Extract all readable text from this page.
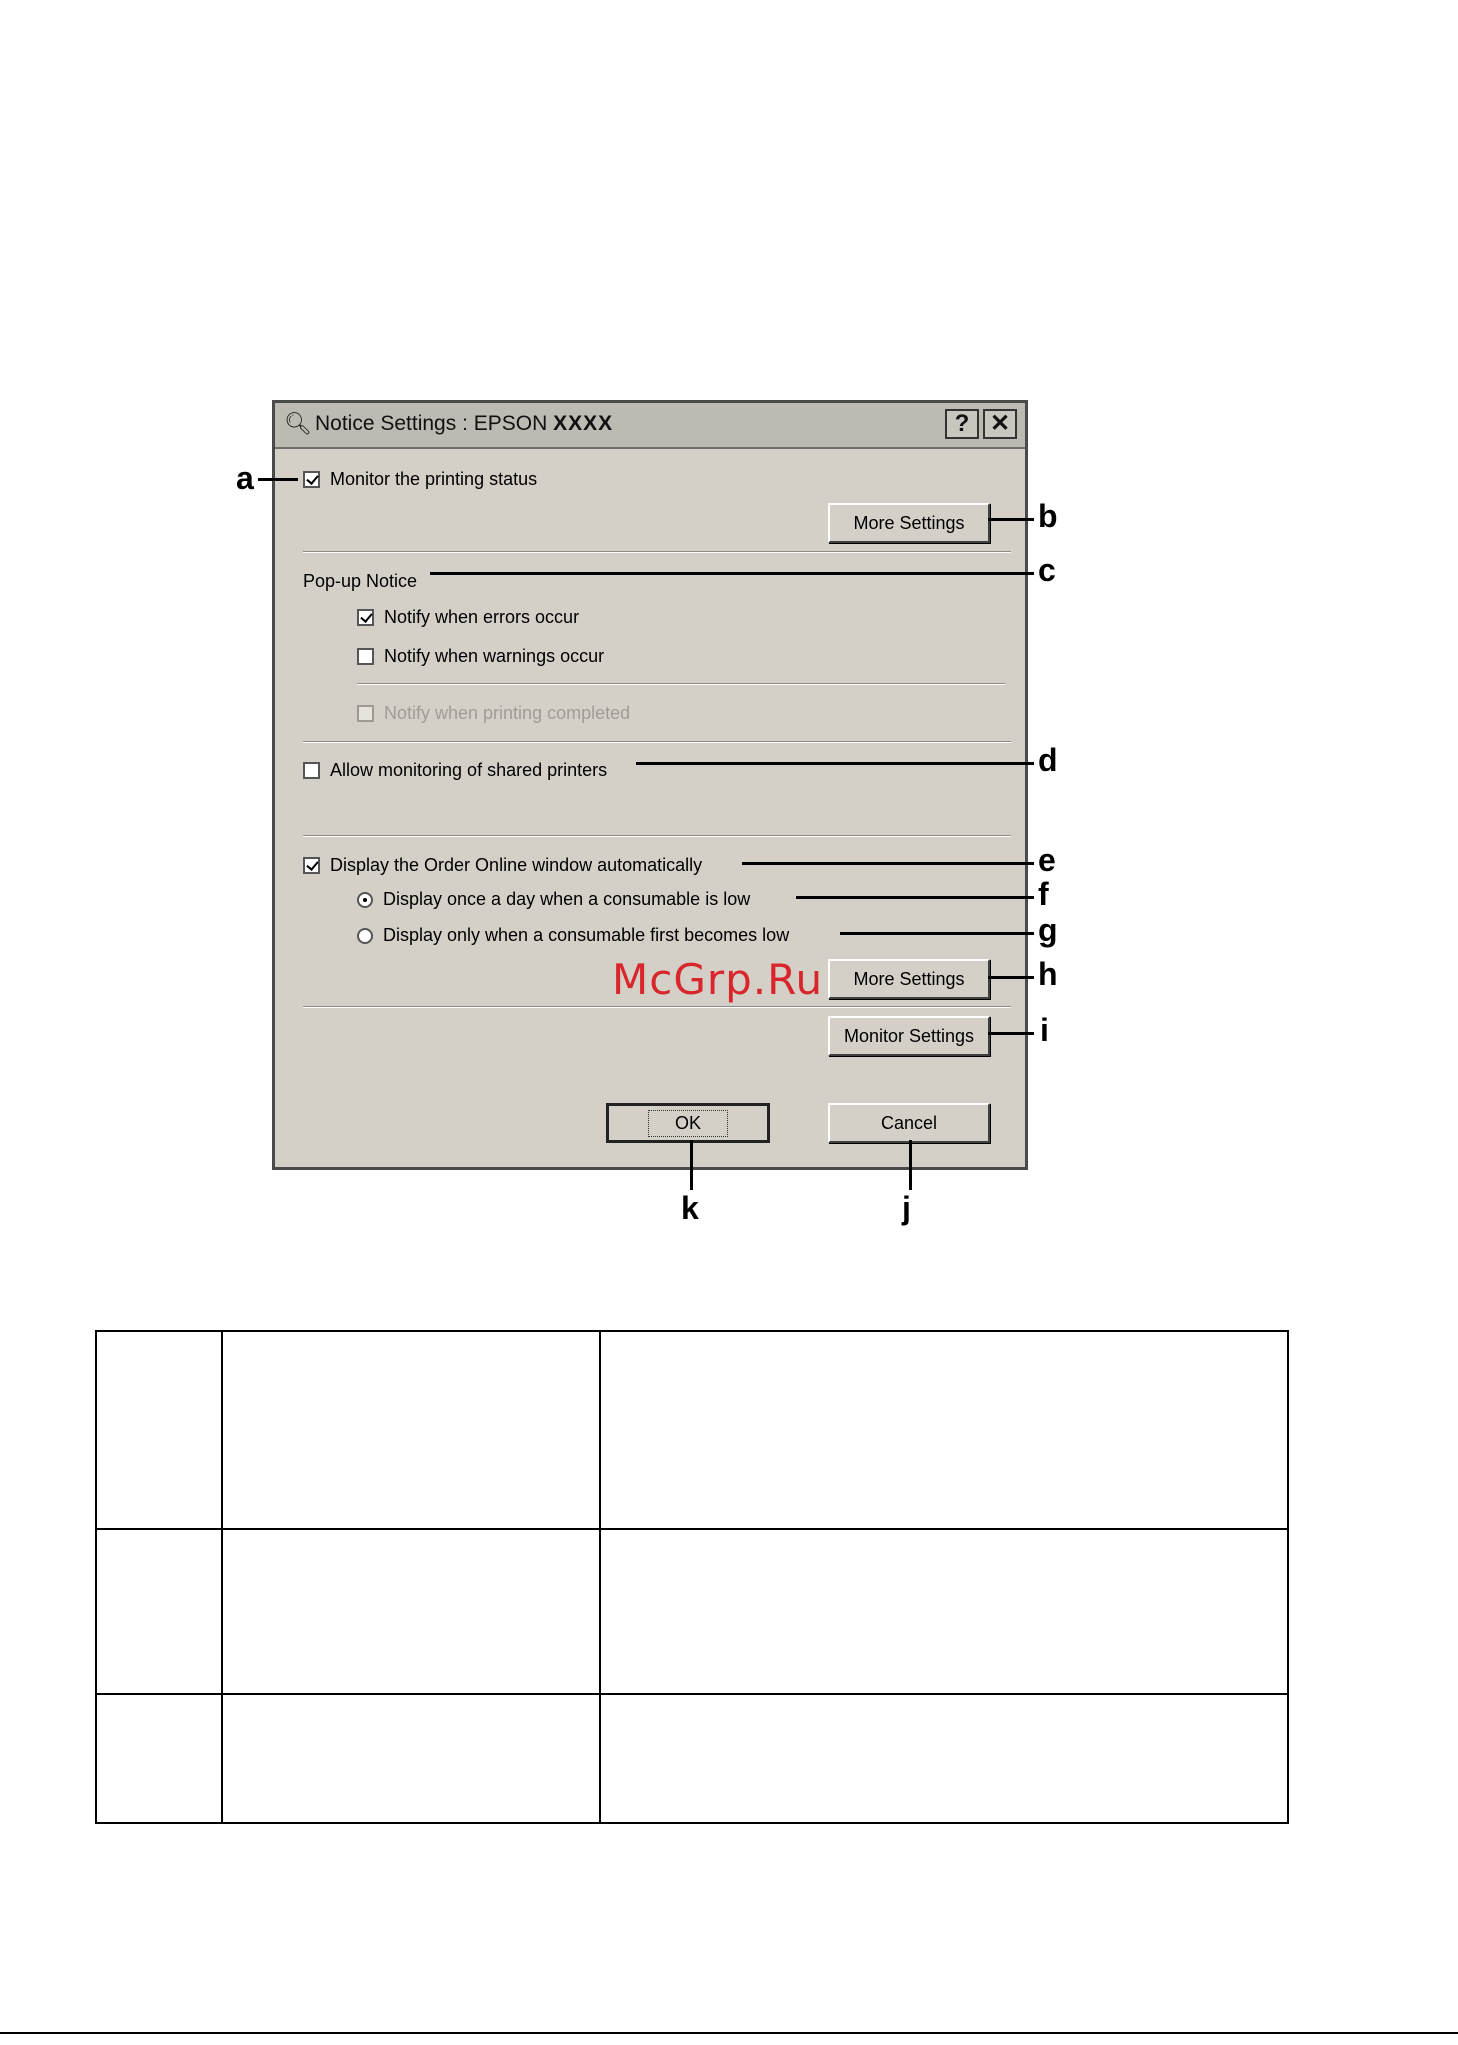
🔍︎ Notice Settings : EPSON XXXX	? ✕
Monitor the printing status
More Settings
Pop-up Notice
Notify when errors occur
Notify when warnings occur
Notify when printing completed
Allow monitoring of shared printers
Display the Order Online window automatically
Display once a day when a consumable is low
Display only when a consumable first becomes low
More Settings
Monitor Settings
OK	Cancel
a
b
c
d
e
f
g
h
i
j
k
McGrp.Ru
